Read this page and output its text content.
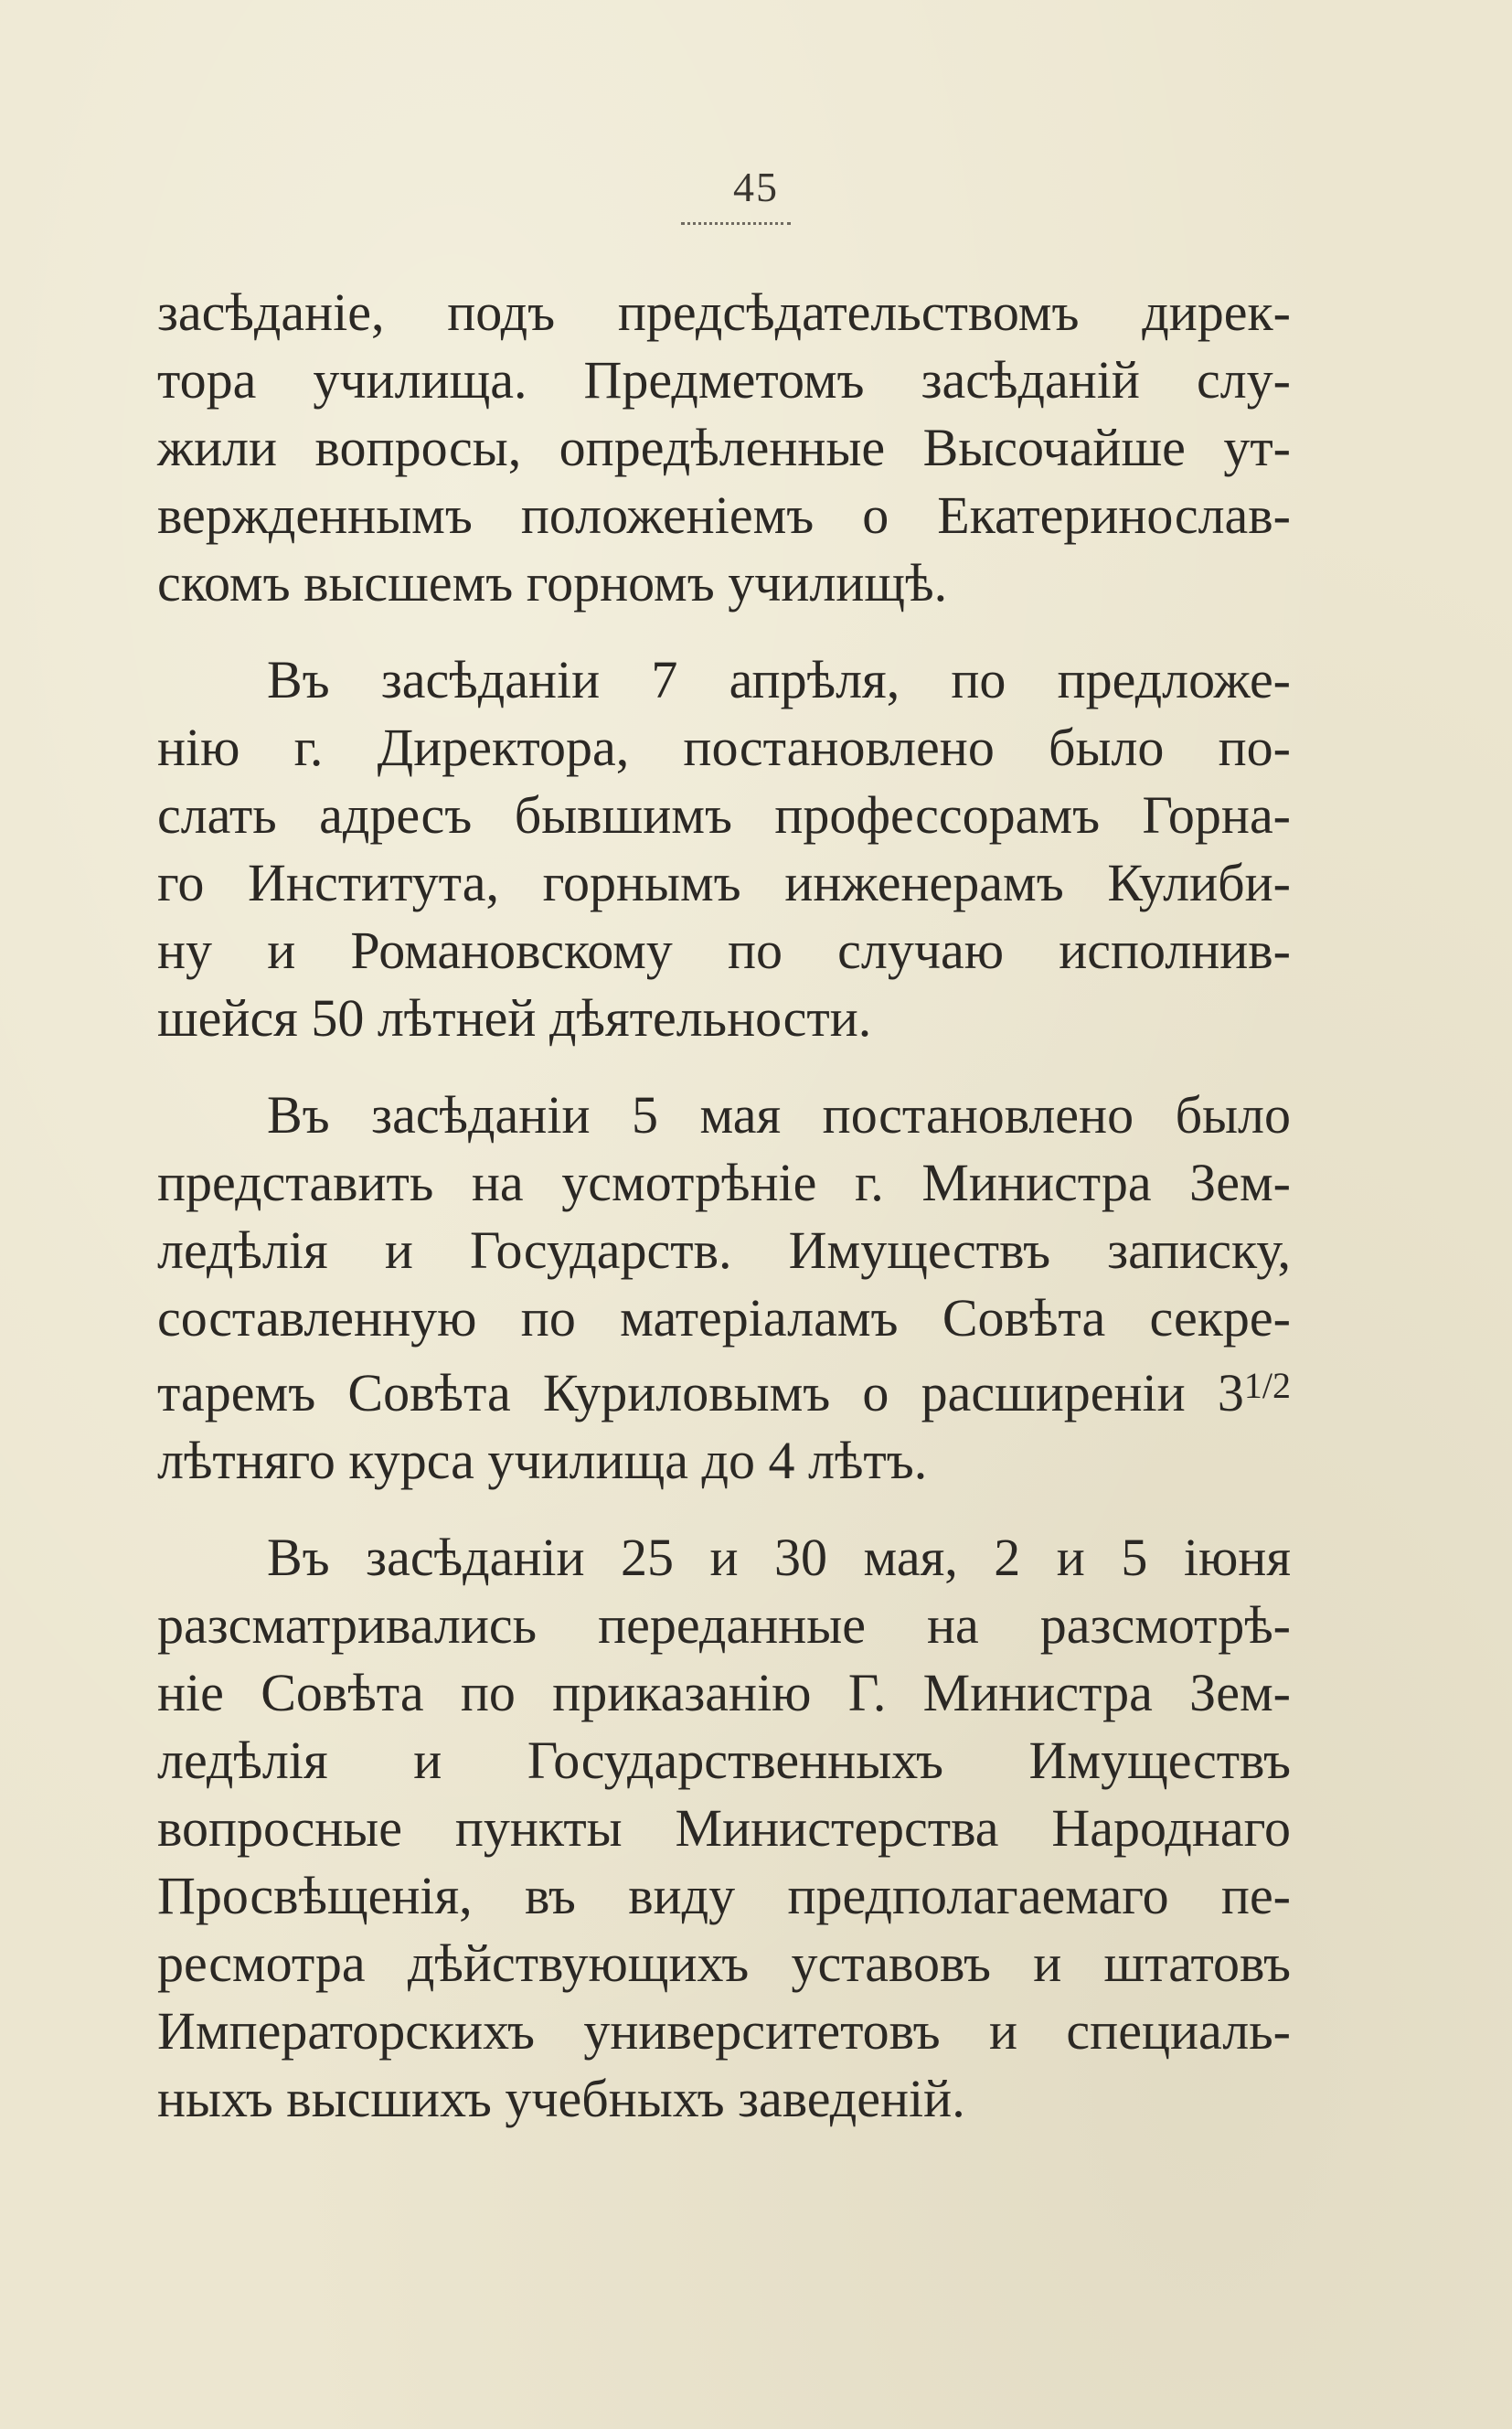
45

засѣданіе, подъ предсѣдательствомъ дирек-
тора училища. Предметомъ засѣданій слу-
жили вопросы, опредѣленные Высочайше ут-
вержденнымъ положеніемъ о Екатеринослав-
скомъ высшемъ горномъ училищѣ.

Въ засѣданіи 7 апрѣля, по предложе-
нію г. Директора, постановлено было по-
слать адресъ бывшимъ профессорамъ Горна-
го Института, горнымъ инженерамъ Кулиби-
ну и Романовскому по случаю исполнив-
шейся 50 лѣтней дѣятельности.

Въ засѣданіи 5 мая постановлено было
представить на усмотрѣніе г. Министра Зем-
ледѣлія и Государств. Имуществъ записку,
составленную по матеріаламъ Совѣта секре-
таремъ Совѣта Куриловымъ о расширеніи $3^{1/2}$
лѣтняго курса училища до 4 лѣтъ.

Въ засѣданіи 25 и 30 мая, 2 и 5 іюня
разсматривались переданные на разсмотрѣ-
ніе Совѣта по приказанію Г. Министра Зем-
ледѣлія и Государственныхъ Имуществъ
вопросные пункты Министерства Народнаго
Просвѣщенія, въ виду предполагаемаго пе-
ресмотра дѣйствующихъ уставовъ и штатовъ
Императорскихъ университетовъ и специаль-
ныхъ высшихъ учебныхъ заведеній.
